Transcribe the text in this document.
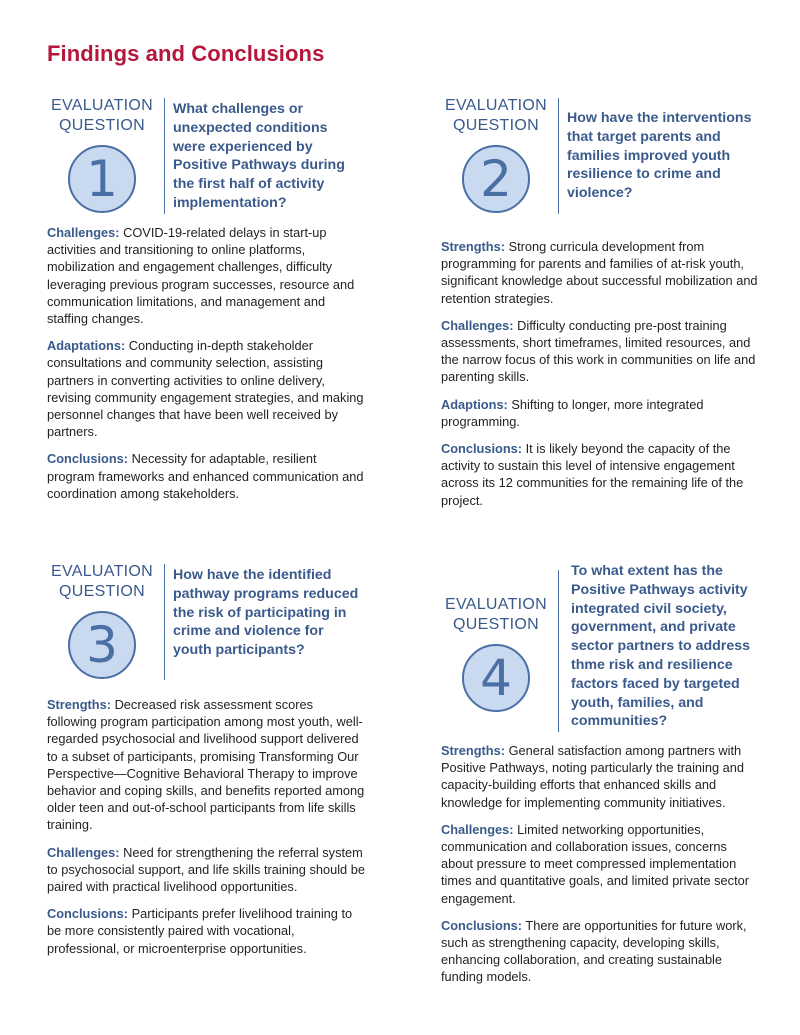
Findings and Conclusions
EVALUATION QUESTION
1

What challenges or unexpected conditions were experienced by Positive Pathways during the first half of activity implementation?

Challenges: COVID-19-related delays in start-up activities and transitioning to online platforms, mobilization and engagement challenges, difficulty leveraging previous program successes, resource and communication limitations, and management and staffing changes.

Adaptations: Conducting in-depth stakeholder consultations and community selection, assisting partners in converting activities to online delivery, revising community engagement strategies, and making personnel changes that have been well received by partners.

Conclusions: Necessity for adaptable, resilient program frameworks and enhanced communication and coordination among stakeholders.

EVALUATION QUESTION
2

How have the interventions that target parents and families improved youth resilience to crime and violence?

Strengths: Strong curricula development from programming for parents and families of at-risk youth, significant knowledge about successful mobilization and retention strategies.

Challenges: Difficulty conducting pre-post training assessments, short timeframes, limited resources, and the narrow focus of this work in communities on life and parenting skills.

Adaptions: Shifting to longer, more integrated programming.

Conclusions: It is likely beyond the capacity of the activity to sustain this level of intensive engagement across its 12 communities for the remaining life of the project.

EVALUATION QUESTION
3

How have the identified pathway programs reduced the risk of participating in crime and violence for youth participants?

Strengths: Decreased risk assessment scores following program participation among most youth, well-regarded psychosocial and livelihood support delivered to a subset of participants, promising Transforming Our Perspective—Cognitive Behavioral Therapy to improve behavior and coping skills, and benefits reported among older teen and out-of-school participants from life skills training.

Challenges: Need for strengthening the referral system to psychosocial support, and life skills training should be paired with practical livelihood opportunities.

Conclusions: Participants prefer livelihood training to be more consistently paired with vocational, professional, or microenterprise opportunities.

EVALUATION QUESTION
4

To what extent has the Positive Pathways activity integrated civil society, government, and private sector partners to address thme risk and resilience factors faced by targeted youth, families, and communities?

Strengths: General satisfaction among partners with Positive Pathways, noting particularly the training and capacity-building efforts that enhanced skills and knowledge for implementing community initiatives.

Challenges: Limited networking opportunities, communication and collaboration issues, concerns about pressure to meet compressed implementation times and quantitative goals, and limited private sector engagement.

Conclusions: There are opportunities for future work, such as strengthening capacity, developing skills, enhancing collaboration, and creating sustainable funding models.
